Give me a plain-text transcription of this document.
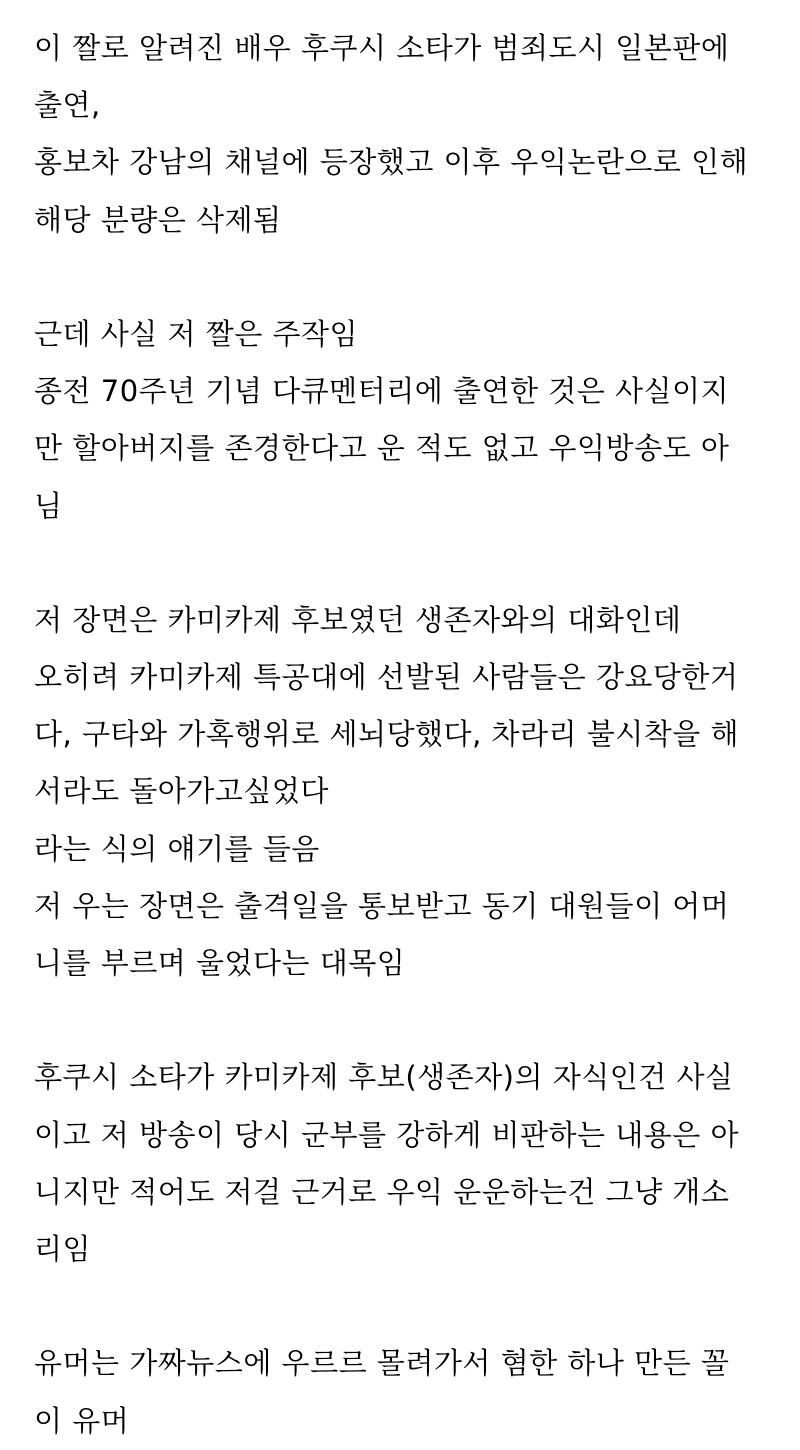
이 짤로 알려진 배우 후쿠시 소타가 범죄도시 일본판에
출연,
홍보차 강남의 채널에 등장했고 이후 우익논란으로 인해
해당 분량은 삭제됨
근데 사실 저 짤은 주작임
종전 70주년 기념 다큐멘터리에 출연한 것은 사실이지
만 할아버지를 존경한다고 운 적도 없고 우익방송도 아
님
저 장면은 카미카제 후보였던 생존자와의 대화인데
오히려 카미카제 특공대에 선발된 사람들은 강요당한거
다, 구타와 가혹행위로 세뇌당했다, 차라리 불시착을 해
서라도 돌아가고싶었다
라는 식의 얘기를 들음
저 우는 장면은 출격일을 통보받고 동기 대원들이 어머
니를 부르며 울었다는 대목임
후쿠시 소타가 카미카제 후보(생존자)의 자식인건 사실
이고 저 방송이 당시 군부를 강하게 비판하는 내용은 아
니지만 적어도 저걸 근거로 우익 운운하는건 그냥 개소
리임
유머는 가짜뉴스에 우르르 몰려가서 혐한 하나 만든 꼴
이 유머
